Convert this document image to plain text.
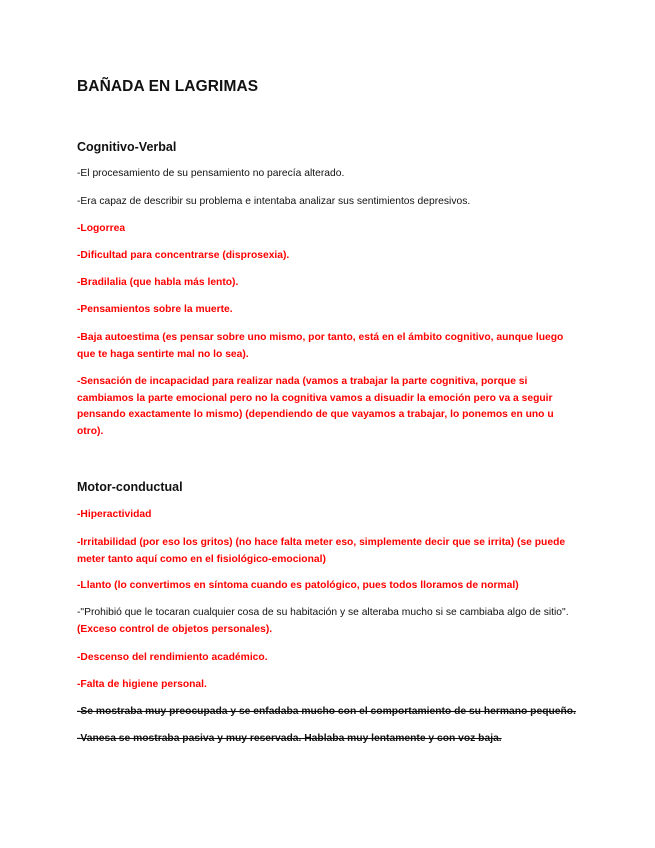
BAÑADA EN LAGRIMAS
Cognitivo-Verbal
-El procesamiento de su pensamiento no parecía alterado.
-Era capaz de describir su problema e intentaba analizar sus sentimientos depresivos.
-Logorrea
-Dificultad para concentrarse (disprosexia).
-Bradilalia (que habla más lento).
-Pensamientos sobre la muerte.
-Baja autoestima (es pensar sobre uno mismo, por tanto, está en el ámbito cognitivo, aunque luego que te haga sentirte mal no lo sea).
-Sensación de incapacidad para realizar nada (vamos a trabajar la parte cognitiva, porque si cambiamos la parte emocional pero no la cognitiva vamos a disuadir la emoción pero va a seguir pensando exactamente lo mismo) (dependiendo de que vayamos a trabajar, lo ponemos en uno u otro).
Motor-conductual
-Hiperactividad
-Irritabilidad (por eso los gritos) (no hace falta meter eso, simplemente decir que se irrita) (se puede meter tanto aquí como en el fisiológico-emocional)
-Llanto (lo convertimos en síntoma cuando es patológico, pues todos lloramos de normal)
-"Prohibió que le tocaran cualquier cosa de su habitación y se alteraba mucho si se cambiaba algo de sitio". (Exceso control de objetos personales).
-Descenso del rendimiento académico.
-Falta de higiene personal.
-Se mostraba muy preocupada y se enfadaba mucho con el comportamiento de su hermano pequeño.
-Vanesa se mostraba pasiva y muy reservada. Hablaba muy lentamente y con voz baja.
